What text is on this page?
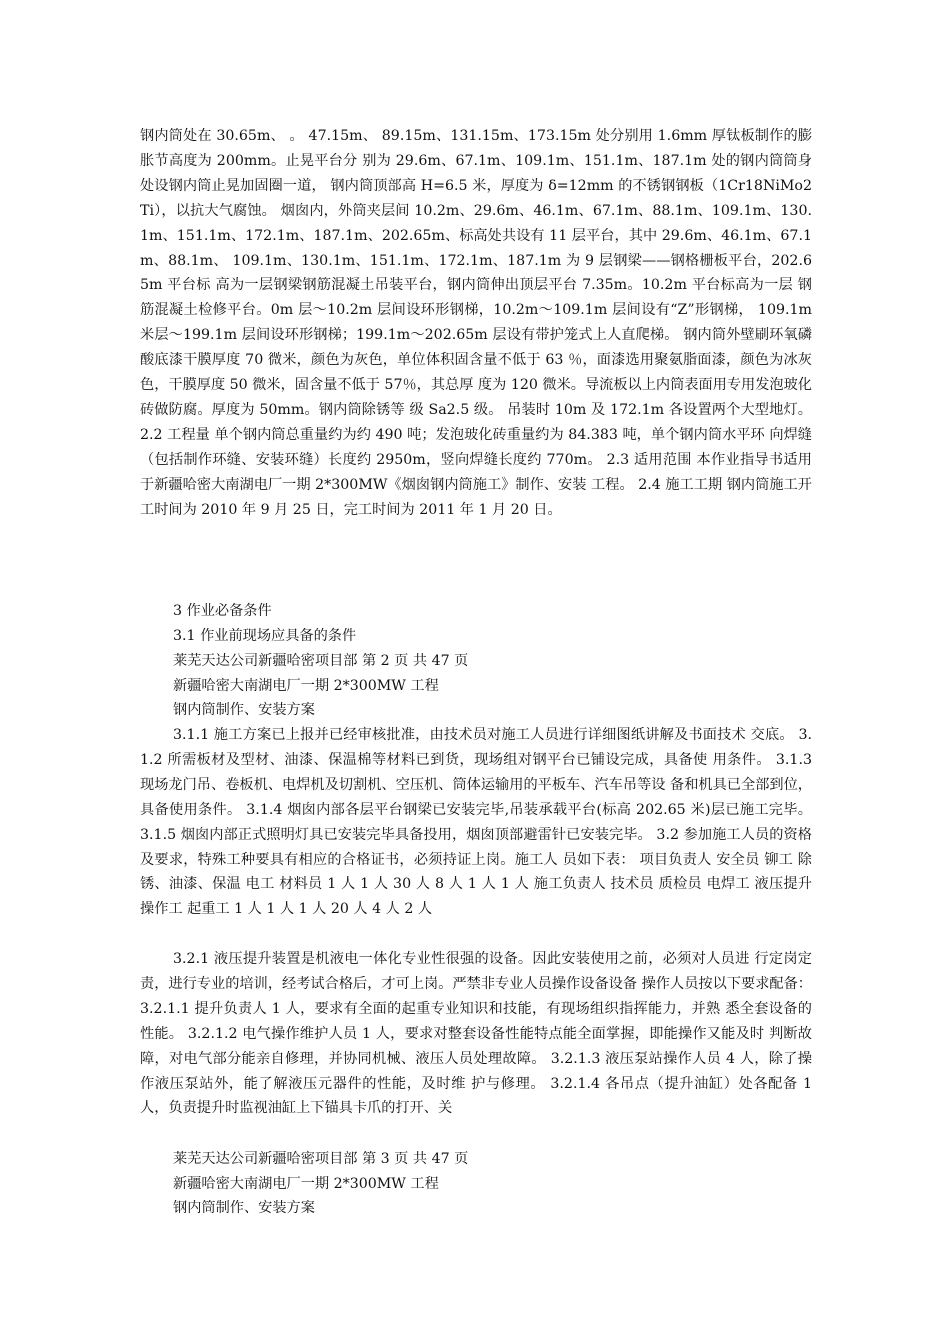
钢内筒处在 30.65m、 。 47.15m、 89.15m、131.15m、173.15m 处分别用 1.6mm 厚钛板制作的膨胀节高度为 200mm。止晃平台分 别为 29.6m、67.1m、109.1m、151.1m、187.1m 处的钢内筒筒身处设钢内筒止晃加固圈一道， 钢内筒顶部高 H=6.5 米，厚度为 δ=12mm 的不锈钢钢板（1Cr18NiMo2Ti），以抗大气腐蚀。 烟囱内，外筒夹层间 10.2m、29.6m、46.1m、67.1m、88.1m、109.1m、130.1m、151.1m、172.1m、187.1m、202.65m、标高处共设有 11 层平台，其中 29.6m、46.1m、67.1m、88.1m、 109.1m、130.1m、151.1m、172.1m、187.1m 为 9 层钢梁——钢格栅板平台，202.65m 平台标 高为一层钢梁钢筋混凝土吊装平台，钢内筒伸出顶层平台 7.35m。10.2m 平台标高为一层 钢筋混凝土检修平台。0m 层～10.2m 层间设环形钢梯，10.2m～109.1m 层间设有“Z”形钢梯， 109.1m 米层～199.1m 层间设环形钢梯；199.1m～202.65m 层设有带护笼式上人直爬梯。 钢内筒外壁刷环氧磷酸底漆干膜厚度 70 微米，颜色为灰色，单位体积固含量不低于 63 ％，面漆选用聚氨脂面漆，颜色为冰灰色，干膜厚度 50 微米，固含量不低于 57％，其总厚 度为 120 微米。导流板以上内筒表面用专用发泡玻化砖做防腐。厚度为 50mm。钢内筒除锈等 级 Sa2.5 级。 吊装时 10m 及 172.1m 各设置两个大型地灯。 2.2 工程量 单个钢内筒总重量约为约 490 吨；发泡玻化砖重量约为 84.383 吨，单个钢内筒水平环 向焊缝（包括制作环缝、安装环缝）长度约 2950m，竖向焊缝长度约 770m。 2.3 适用范围 本作业指导书适用于新疆哈密大南湖电厂一期 2*300MW《烟囱钢内筒施工》制作、安装 工程。 2.4 施工工期 钢内筒施工开工时间为 2010 年 9 月 25 日，完工时间为 2011 年 1 月 20 日。
3 作业必备条件
3.1 作业前现场应具备的条件
莱芜天达公司新疆哈密项目部 第 2 页 共 47 页
新疆哈密大南湖电厂一期 2*300MW 工程
钢内筒制作、安装方案
3.1.1 施工方案已上报并已经审核批准，由技术员对施工人员进行详细图纸讲解及书面技术 交底。 3.1.2 所需板材及型材、油漆、保温棉等材料已到货，现场组对钢平台已铺设完成，具备使 用条件。 3.1.3 现场龙门吊、卷板机、电焊机及切割机、空压机、筒体运输用的平板车、汽车吊等设 备和机具已全部到位，具备使用条件。 3.1.4 烟囱内部各层平台钢梁已安装完毕,吊装承载平台(标高 202.65 米)层已施工完毕。 3.1.5 烟囱内部正式照明灯具已安装完毕具备投用，烟囱顶部避雷针已安装完毕。 3.2 参加施工人员的资格及要求，特殊工种要具有相应的合格证书，必须持证上岗。施工人 员如下表： 项目负责人 安全员 铆工 除锈、油漆、保温 电工 材料员 1 人 1 人 30 人 8 人 1 人 1 人 施工负责人 技术员 质检员 电焊工 液压提升操作工 起重工 1 人 1 人 1 人 20 人 4 人 2 人
3.2.1 液压提升装置是机液电一体化专业性很强的设备。因此安装使用之前，必须对人员进 行定岗定责，进行专业的培训，经考试合格后，才可上岗。严禁非专业人员操作设备设备 操作人员按以下要求配备： 3.2.1.1 提升负责人 1 人，要求有全面的起重专业知识和技能，有现场组织指挥能力，并熟 悉全套设备的性能。 3.2.1.2 电气操作维护人员 1 人，要求对整套设备性能特点能全面掌握，即能操作又能及时 判断故障，对电气部分能亲自修理，并协同机械、液压人员处理故障。 3.2.1.3 液压泵站操作人员 4 人，除了操作液压泵站外，能了解液压元器件的性能，及时维 护与修理。 3.2.1.4 各吊点（提升油缸）处各配备 1 人，负责提升时监视油缸上下锚具卡爪的打开、关
莱芜天达公司新疆哈密项目部 第 3 页 共 47 页
新疆哈密大南湖电厂一期 2*300MW 工程
钢内筒制作、安装方案
